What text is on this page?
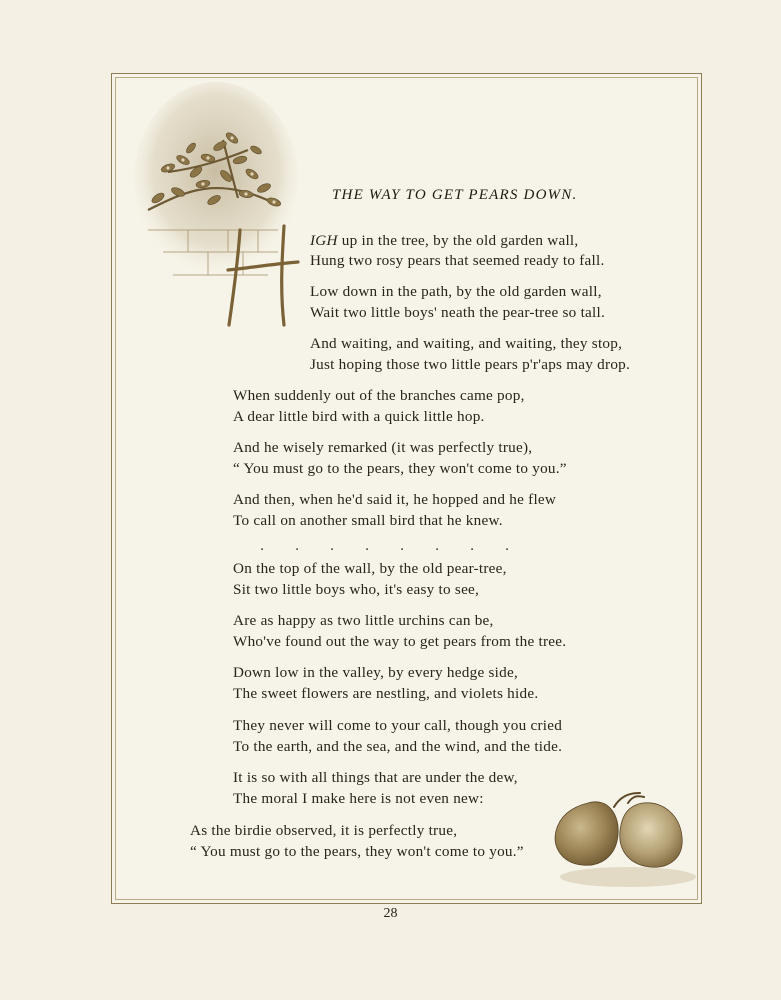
THE WAY TO GET PEARS DOWN.
IGH up in the tree, by the old garden wall,
Hung two rosy pears that seemed ready to fall.
Low down in the path, by the old garden wall,
Wait two little boys' neath the pear-tree so tall.
And waiting, and waiting, and waiting, they stop,
Just hoping those two little pears p'r'aps may drop.
When suddenly out of the branches came pop,
A dear little bird with a quick little hop.
And he wisely remarked (it was perfectly true),
“ You must go to the pears, they won't come to you.”
And then, when he'd said it, he hopped and he flew
To call on another small bird that he knew.
. . . . . . . .
On the top of the wall, by the old pear-tree,
Sit two little boys who, it's easy to see,
Are as happy as two little urchins can be,
Who've found out the way to get pears from the tree.
Down low in the valley, by every hedge side,
The sweet flowers are nestling, and violets hide.
They never will come to your call, though you cried
To the earth, and the sea, and the wind, and the tide.
It is so with all things that are under the dew,
The moral I make here is not even new:
As the birdie observed, it is perfectly true,
“ You must go to the pears, they won't come to you.”
28
